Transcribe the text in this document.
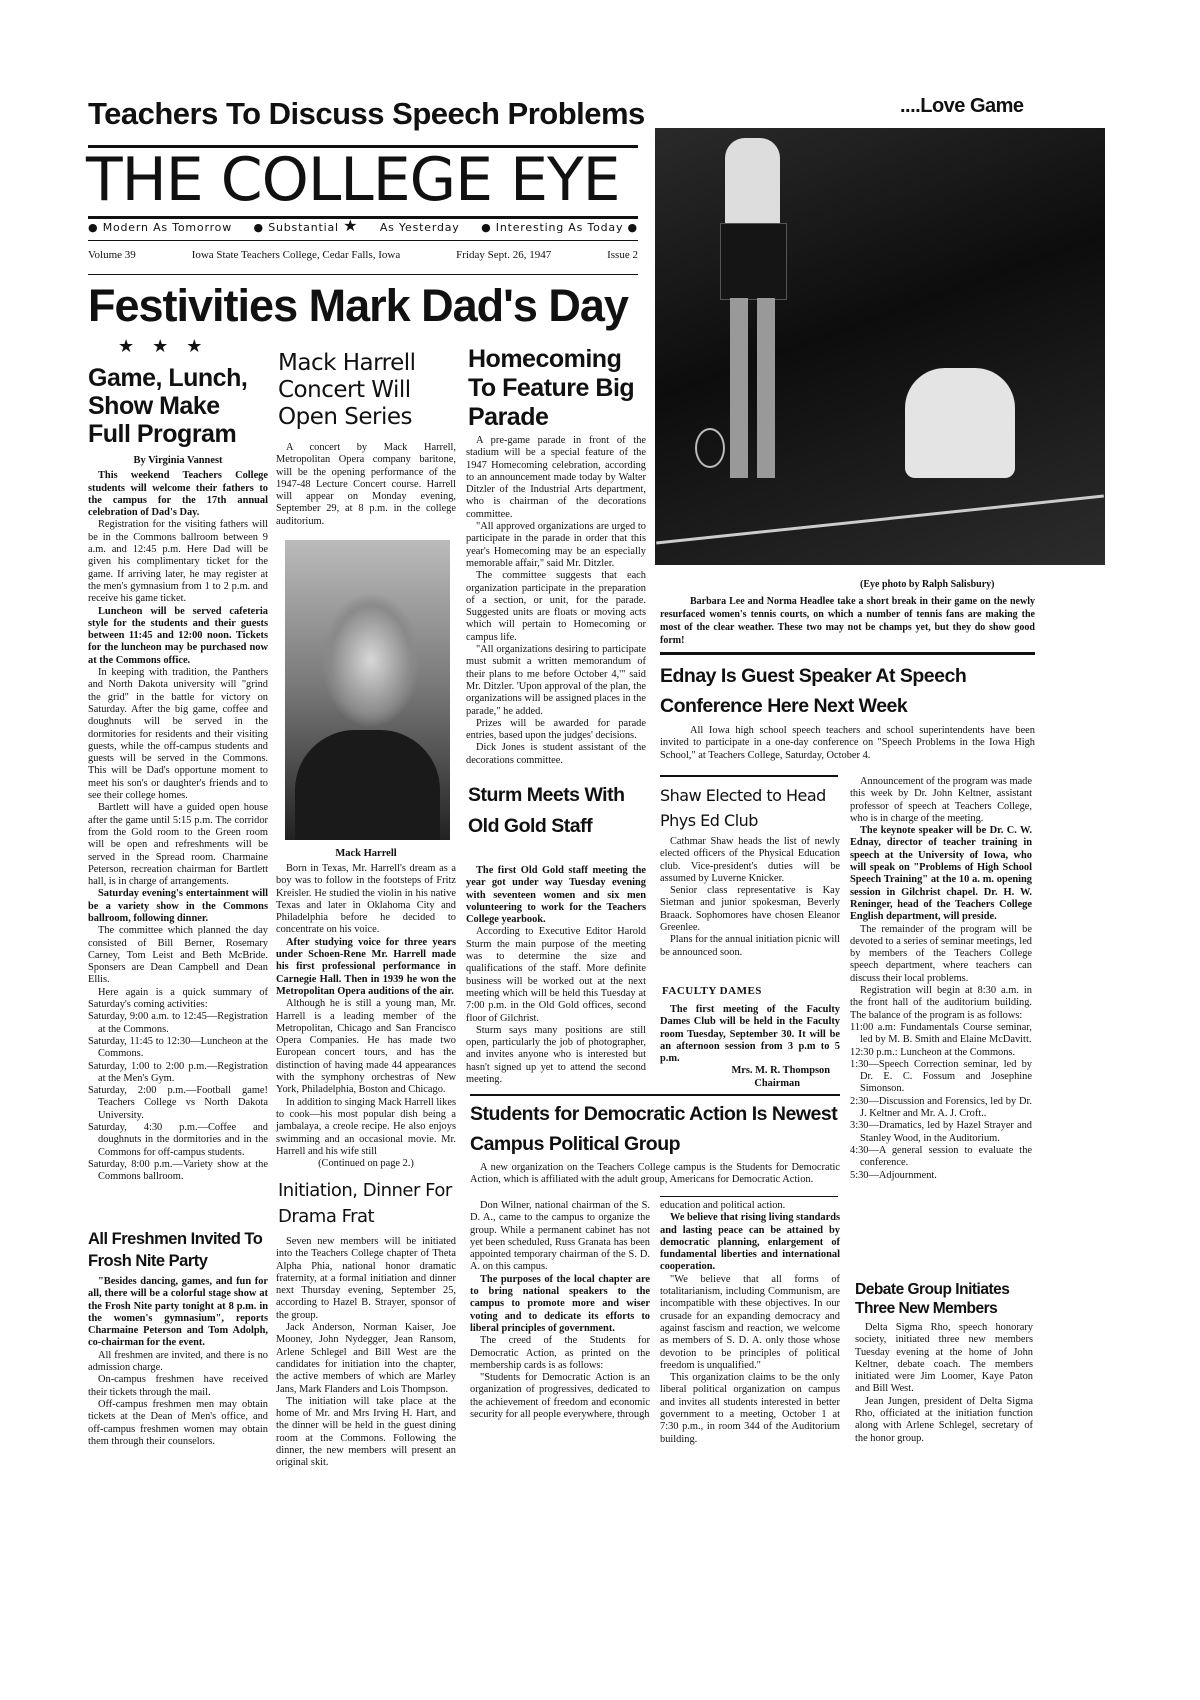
Teachers To Discuss Speech Problems	....Love Game
THE COLLEGE EYE
● Modern As Tomorrow ● Substantial ★ As Yesterday ● Interesting As Today ●
Volume 39	Iowa State Teachers College, Cedar Falls, Iowa	Friday Sept. 26, 1947	Issue 2
Festivities Mark Dad's Day
★    ★    ★
Game, Lunch, Show Make Full Program

By Virginia Vannest

This weekend Teachers College students will welcome their fathers to the campus for the 17th annual celebration of Dad's Day.

Registration for the visiting fathers will be in the Commons ballroom between 9 a.m. and 12:45 p.m. Here Dad will be given his complimentary ticket for the game. If arriving later, he may register at the men's gymnasium from 1 to 2 p.m. and receive his game ticket.

Luncheon will be served cafeteria style for the students and their guests between 11:45 and 12:00 noon. Tickets for the luncheon may be purchased now at the Commons office.

In keeping with tradition, the Panthers and North Dakota university will "grind the grid" in the battle for victory on Saturday. After the big game, coffee and doughnuts will be served in the dormitories for residents and their visiting guests, while the off-campus students and guests will be served in the Commons. This will be Dad's opportune moment to meet his son's or daughter's friends and to see their college homes.

Bartlett will have a guided open house after the game until 5:15 p.m. The corridor from the Gold room to the Green room will be open and refreshments will be served in the Spread room. Charmaine Peterson, recreation chairman for Bartlett hall, is in charge of arrangements.

Saturday evening's entertainment will be a variety show in the Commons ballroom, following dinner.

The committee which planned the day consisted of Bill Berner, Rosemary Carney, Tom Leist and Beth McBride. Sponsers are Dean Campbell and Dean Ellis.

Here again is a quick summary of Saturday's coming activities:

Saturday, 9:00 a.m. to 12:45—Registration at the Commons.

Saturday, 11:45 to 12:30—Luncheon at the Commons.

Saturday, 1:00 to 2:00 p.m.—Registration at the Men's Gym.

Saturday, 2:00 p.m.—Football game! Teachers College vs North Dakota University.

Saturday, 4:30 p.m.—Coffee and doughnuts in the dormitories and in the Commons for off-campus students.

Saturday, 8:00 p.m.—Variety show at the Commons ballroom.

All Freshmen Invited To Frosh Nite Party

"Besides dancing, games, and fun for all, there will be a colorful stage show at the Frosh Nite party tonight at 8 p.m. in the women's gymnasium", reports Charmaine Peterson and Tom Adolph, co-chairman for the event.

All freshmen are invited, and there is no admission charge.

On-campus freshmen have received their tickets through the mail.

Off-campus freshmen men may obtain tickets at the Dean of Men's office, and off-campus freshmen women may obtain them through their counselors.

Mack Harrell Concert Will Open Series

A concert by Mack Harrell, Metropolitan Opera company baritone, will be the opening performance of the 1947-48 Lecture Concert course. Harrell will appear on Monday evening, September 29, at 8 p.m. in the college auditorium.

Mack Harrell

Born in Texas, Mr. Harrell's dream as a boy was to follow in the footsteps of Fritz Kreisler. He studied the violin in his native Texas and later in Oklahoma City and Philadelphia before he decided to concentrate on his voice.

After studying voice for three years under Schoen-Rene Mr. Harrell made his first professional performance in Carnegie Hall. Then in 1939 he won the Metropolitan Opera auditions of the air.

Although he is still a young man, Mr. Harrell is a leading member of the Metropolitan, Chicago and San Francisco Opera Companies. He has made two European concert tours, and has the distinction of having made 44 appearances with the symphony orchestras of New York, Philadelphia, Boston and Chicago.

In addition to singing Mack Harrell likes to cook—his most popular dish being a jambalaya, a creole recipe. He also enjoys swimming and an occasional movie. Mr. Harrell and his wife still

(Continued on page 2.)

Initiation, Dinner For Drama Frat

Seven new members will be initiated into the Teachers College chapter of Theta Alpha Phia, national honor dramatic fraternity, at a formal initiation and dinner next Thursday evening, September 25, according to Hazel B. Strayer, sponsor of the group.

Jack Anderson, Norman Kaiser, Joe Mooney, John Nydegger, Jean Ransom, Arlene Schlegel and Bill West are the candidates for initiation into the chapter, the active members of which are Marley Jans, Mark Flanders and Lois Thompson.

The initiation will take place at the home of Mr. and Mrs Irving H. Hart, and the dinner will be held in the guest dining room at the Commons. Following the dinner, the new members will present an original skit.

Homecoming To Feature Big Parade

A pre-game parade in front of the stadium will be a special feature of the 1947 Homecoming celebration, according to an announcement made today by Walter Ditzler of the Industrial Arts department, who is chairman of the decorations committee.

"All approved organizations are urged to participate in the parade in order that this year's Homecoming may be an especially memorable affair," said Mr. Ditzler.

The committee suggests that each organization participate in the preparation of a section, or unit, for the parade. Suggested units are floats or moving acts which will pertain to Homecoming or campus life.

"All organizations desiring to participate must submit a written memorandum of their plans to me before October 4,'" said Mr. Ditzler. 'Upon approval of the plan, the organizations will be assigned places in the parade," he added.

Prizes will be awarded for parade entries, based upon the judges' decisions.

Dick Jones is student assistant of the decorations committee.

Sturm Meets With Old Gold Staff

The first Old Gold staff meeting the year got under way Tuesday evening with seventeen women and six men volunteering to work for the Teachers College yearbook.

According to Executive Editor Harold Sturm the main purpose of the meeting was to determine the size and qualifications of the staff. More definite business will be worked out at the next meeting which will be held this Tuesday at 7:00 p.m. in the Old Gold offices, second floor of Gilchrist.

Sturm says many positions are still open, particularly the job of photographer, and invites anyone who is interested but hasn't signed up yet to attend the second meeting.

(Eye photo by Ralph Salisbury)
Barbara Lee and Norma Headlee take a short break in their game on the newly resurfaced women's tennis courts, on which a number of tennis fans are making the most of the clear weather. These two may not be champs yet, but they do show good form!
Ednay Is Guest Speaker At Speech Conference Here Next Week

All Iowa high school speech teachers and school superintendents have been invited to participate in a one-day conference on "Speech Problems in the Iowa High School," at Teachers College, Saturday, October 4.

Announcement of the program was made this week by Dr. John Keltner, assistant professor of speech at Teachers College, who is in charge of the meeting.

The keynote speaker will be Dr. C. W. Ednay, director of teacher training in speech at the University of Iowa, who will speak on "Problems of High School Speech Training" at the 10 a. m. opening session in Gilchrist chapel. Dr. H. W. Reninger, head of the Teachers College English department, will preside.

The remainder of the program will be devoted to a series of seminar meetings, led by members of the Teachers College speech department, where teachers can discuss their local problems.

Registration will begin at 8:30 a.m. in the front hall of the auditorium building. The balance of the program is as follows:

11:00 a.m: Fundamentals Course seminar, led by M. B. Smith and Elaine McDavitt.

12:30 p.m.: Luncheon at the Commons.

1:30—Speech Correction seminar, led by Dr. E. C. Fossum and Josephine Simonson.

2:30—Discussion and Forensics, led by Dr. J. Keltner and Mr. A. J. Croft..

3:30—Dramatics, led by Hazel Strayer and Stanley Wood, in the Auditorium.

4:30—A general session to evaluate the conference.

5:30—Adjournment.

Shaw Elected to Head Phys Ed Club

Cathmar Shaw heads the list of newly elected officers of the Physical Education club. Vice-president's duties will be assumed by Luverne Knicker.

Senior class representative is Kay Sietman and junior spokesman, Beverly Braack. Sophomores have chosen Eleanor Greenlee.

Plans for the annual initiation picnic will be announced soon.

FACULTY DAMES

The first meeting of the Faculty Dames Club will be held in the Faculty room Tuesday, September 30. It will be an afternoon session from 3 p.m to 5 p.m.

Mrs. M. R. Thompson

Chairman

Students for Democratic Action Is Newest Campus Political Group

A new organization on the Teachers College campus is the Students for Democratic Action, which is affiliated with the adult group, Americans for Democratic Action.

Don Wilner, national chairman of the S. D. A., came to the campus to organize the group. While a permanent cabinet has not yet been scheduled, Russ Granata has been appointed temporary chairman of the S. D. A. on this campus.

The purposes of the local chapter are to bring national speakers to the campus to promote more and wiser voting and to dedicate its efforts to liberal principles of government.

The creed of the Students for Democratic Action, as printed on the membership cards is as follows:

"Students for Democratic Action is an organization of progressives, dedicated to the achievement of freedom and economic security for all people everywhere, through

education and political action.

We believe that rising living standards and lasting peace can be attained by democratic planning, enlargement of fundamental liberties and international cooperation.

"We believe that all forms of totalitarianism, including Communism, are incompatible with these objectives. In our crusade for an expanding democracy and against fascism and reaction, we welcome as members of S. D. A. only those whose devotion to be principles of political freedom is unqualified."

This organization claims to be the only liberal political organization on campus and invites all students interested in better government to a meeting, October 1 at 7:30 p.m., in room 344 of the Auditorium building.

Debate Group Initiates Three New Members

Delta Sigma Rho, speech honorary society, initiated three new members Tuesday evening at the home of John Keltner, debate coach. The members initiated were Jim Loomer, Kaye Paton and Bill West.

Jean Jungen, president of Delta Sigma Rho, officiated at the initiation function along with Arlene Schlegel, secretary of the honor group.
